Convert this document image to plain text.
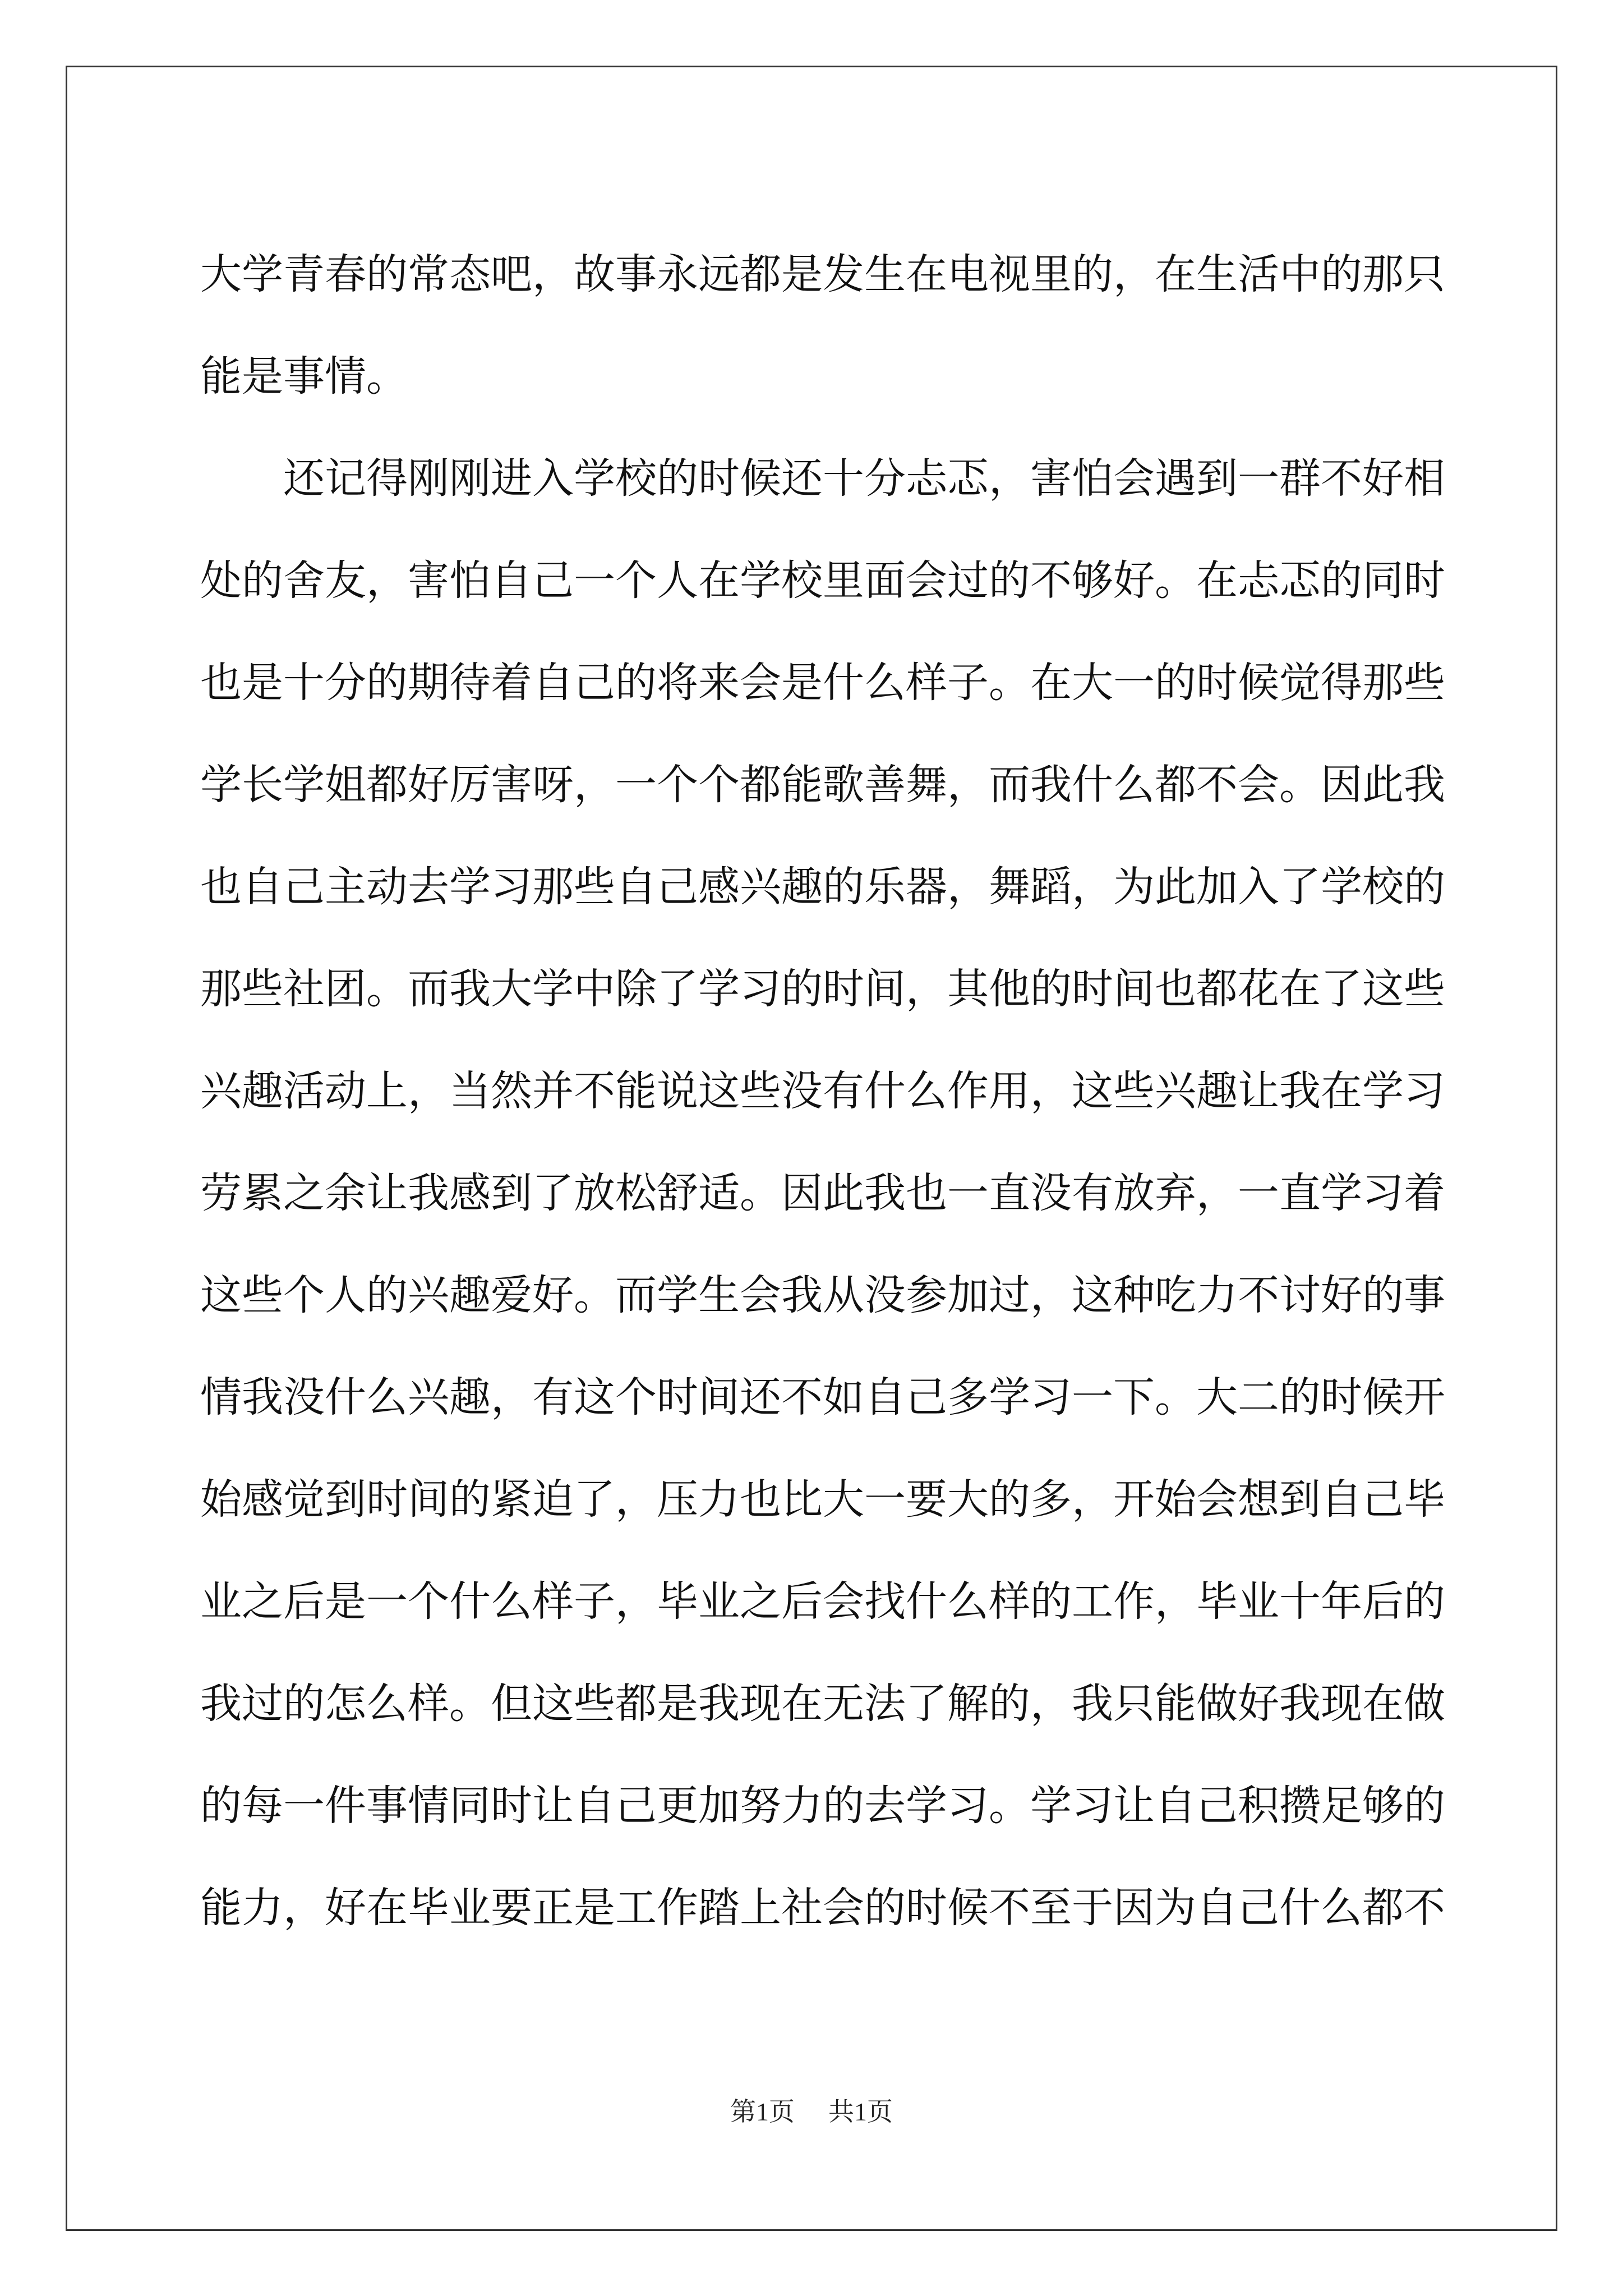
大学青春的常态吧，故事永远都是发生在电视里的，在生活中的那只
能是事情。
还记得刚刚进入学校的时候还十分忐忑，害怕会遇到一群不好相
处的舍友，害怕自己一个人在学校里面会过的不够好。在忐忑的同时
也是十分的期待着自己的将来会是什么样子。在大一的时候觉得那些
学长学姐都好厉害呀，一个个都能歌善舞，而我什么都不会。因此我
也自己主动去学习那些自己感兴趣的乐器，舞蹈，为此加入了学校的
那些社团。而我大学中除了学习的时间，其他的时间也都花在了这些
兴趣活动上，当然并不能说这些没有什么作用，这些兴趣让我在学习
劳累之余让我感到了放松舒适。因此我也一直没有放弃，一直学习着
这些个人的兴趣爱好。而学生会我从没参加过，这种吃力不讨好的事
情我没什么兴趣，有这个时间还不如自己多学习一下。大二的时候开
始感觉到时间的紧迫了，压力也比大一要大的多，开始会想到自己毕
业之后是一个什么样子，毕业之后会找什么样的工作，毕业十年后的
我过的怎么样。但这些都是我现在无法了解的，我只能做好我现在做
的每一件事情同时让自己更加努力的去学习。学习让自己积攒足够的
能力，好在毕业要正是工作踏上社会的时候不至于因为自己什么都不
第1页 共1页
